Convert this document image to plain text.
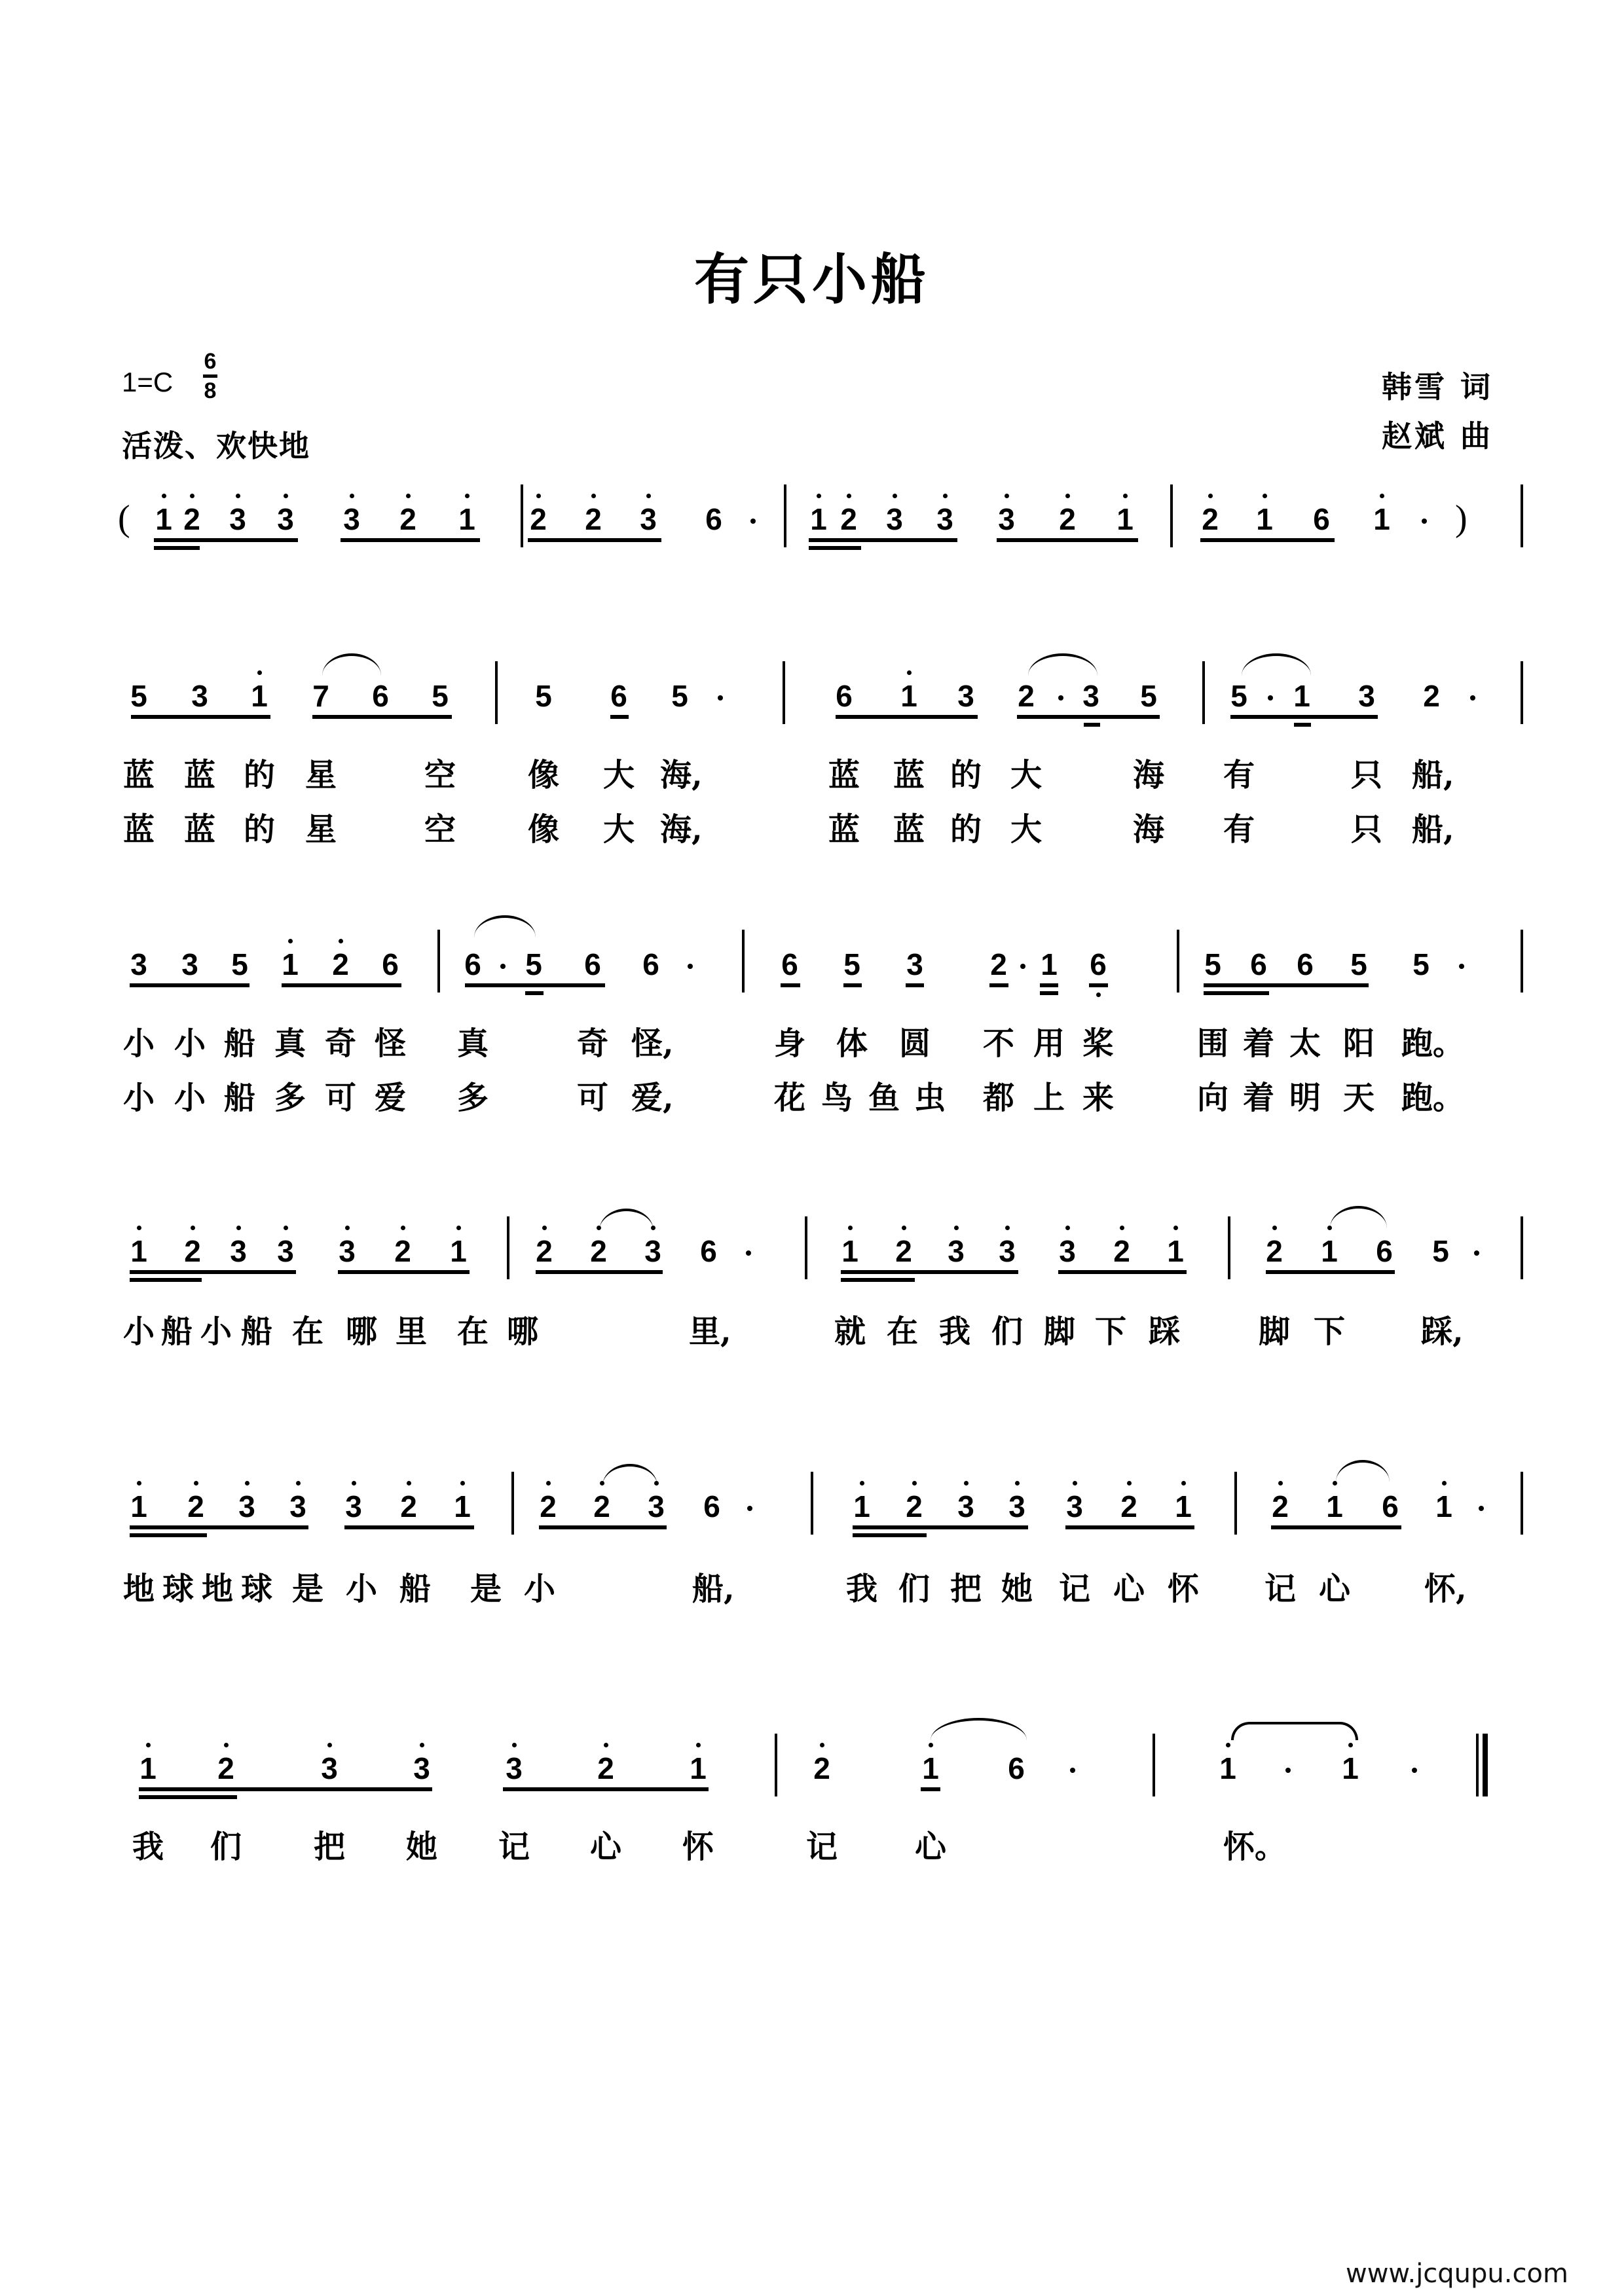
有只小船
1=C
6
8
活泼、欢快地
韩雪 词
赵斌 曲
(	)
1 2 3 3 3 2 1 2 2 3 6	1 2 3 3 3 2 1 2 1 6 1
5 3 1 7 6 5	5 6 5	6 1 3 2 3 5 5 1 3 2
蓝 蓝 的 星	空 像 大 海,	蓝 蓝 的 大	海 有	只 船,
蓝 蓝 的 星	空 像 大 海,	蓝 蓝 的 大	海 有	只 船,
3 3 5 1 2 6 6 5 6 6	6 5 3 2 1 6	5 6 6 5 5
小 小 船 真 奇 怪 真	奇 怪,	身 体 圆 不 用 桨	围 着 太 阳 跑。
小 小 船 多 可 爱 多	可 爱,	花 鸟 鱼 虫 都 上 来	向 着 明 天 跑。
1 2 3 3 3 2 1 2 2 3 6	1 2 3 3 3 2 1	2 1 6 5
小 船 小 船 在 哪 里 在 哪	里,	就 在 我 们 脚 下 踩 脚 下 踩,
1 2 3 3 3 2 1 2 2 3 6	1 2 3 3 3 2 1	2 1 6 1
地 球 地 球 是 小 船 是 小	船,	我 们 把 她 记 心 怀 记 心 怀,
1 2	3	3	3 2	1	2	1 6	1	1
我 们 把 她 记 心 怀	记 心	怀。
www.jcqupu.com
